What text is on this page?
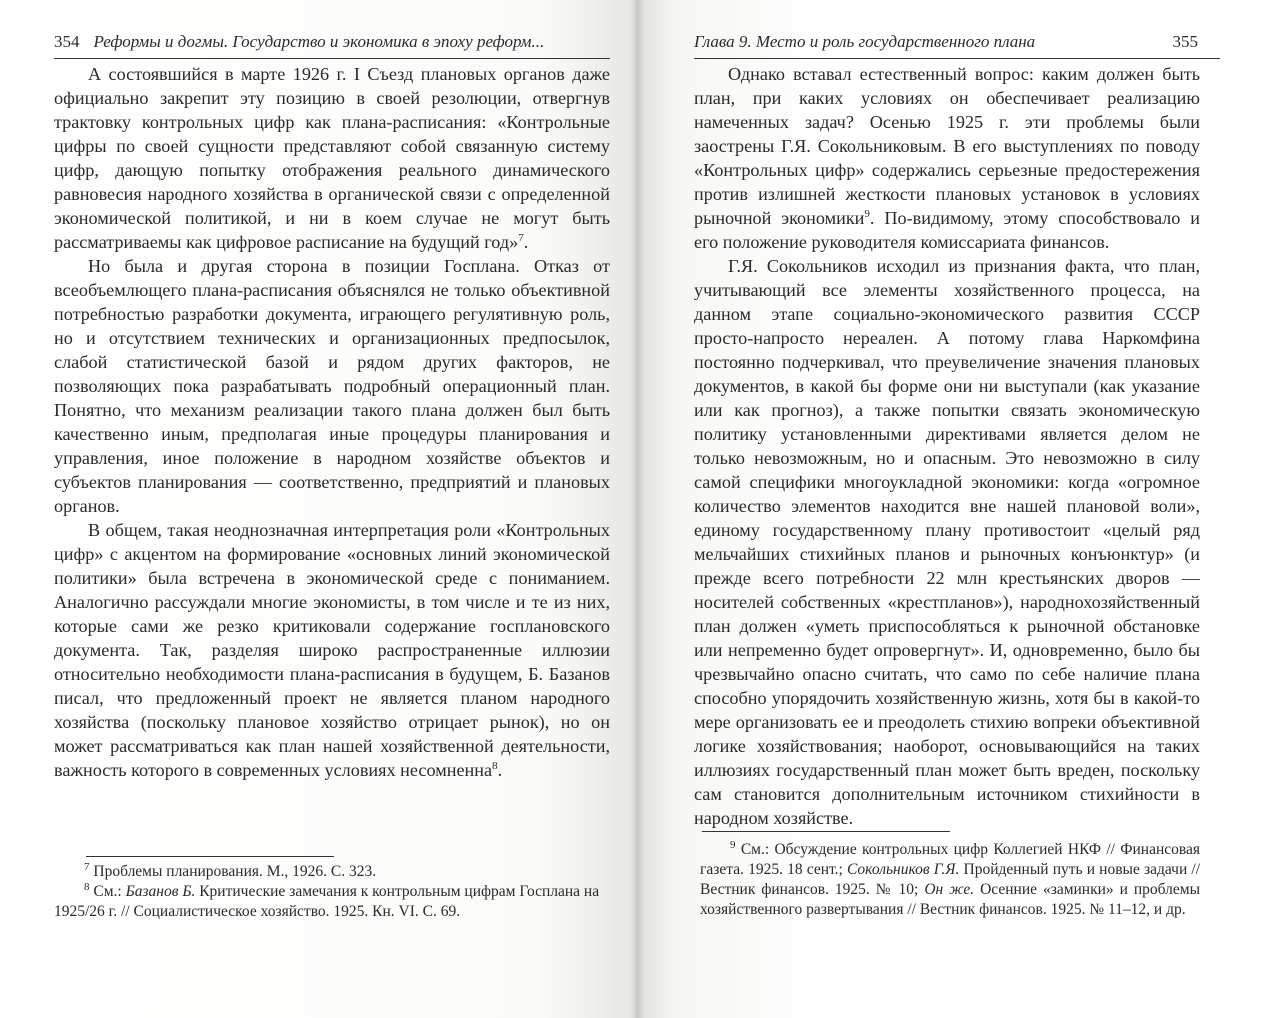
354 Реформы и догмы. Государство и экономика в эпоху реформ...

А состоявшийся в марте 1926 г. I Съезд плановых органов даже официально закрепит эту позицию в своей резолюции, отвергнув трактовку контрольных цифр как плана-расписания: «Контрольные цифры по своей сущности представляют собой связанную систему цифр, дающую попытку отображения реального динамического равновесия народного хозяйства в органической связи с определенной экономической политикой, и ни в коем случае не могут быть рассматриваемы как цифровое расписание на будущий год»$^7$.

Но была и другая сторона в позиции Госплана. Отказ от всеобъемлющего плана-расписания объяснялся не только объективной потребностью разработки документа, играющего регулятивную роль, но и отсутствием технических и организационных предпосылок, слабой статистической базой и рядом других факторов, не позволяющих пока разрабатывать подробный операционный план. Понятно, что механизм реализации такого плана должен был быть качественно иным, предполагая иные процедуры планирования и управления, иное положение в народном хозяйстве объектов и субъектов планирования — соответственно, предприятий и плановых органов.

В общем, такая неоднозначная интерпретация роли «Контрольных цифр» с акцентом на формирование «основных линий экономической политики» была встречена в экономической среде с пониманием. Аналогично рассуждали многие экономисты, в том числе и те из них, которые сами же резко критиковали содержание госплановского документа. Так, разделяя широко распространенные иллюзии относительно необходимости плана-расписания в будущем, Б. Базанов писал, что предложенный проект не является планом народного хозяйства (поскольку плановое хозяйство отрицает рынок), но он может рассматриваться как план нашей хозяйственной деятельности, важность которого в современных условиях несомненна$^8$.

$^7$ Проблемы планирования. М., 1926. С. 323.

$^8$ См.: Базанов Б. Критические замечания к контрольным цифрам Госплана на 1925/26 г. // Социалистическое хозяйство. 1925. Кн. VI. С. 69.

Глава 9. Место и роль государственного плана	355

Однако вставал естественный вопрос: каким должен быть план, при каких условиях он обеспечивает реализацию намеченных задач? Осенью 1925 г. эти проблемы были заострены Г.Я. Сокольниковым. В его выступлениях по поводу «Контрольных цифр» содержались серьезные предостережения против излишней жесткости плановых установок в условиях рыночной экономики$^9$. По-видимому, этому способствовало и его положение руководителя комиссариата финансов.

Г.Я. Сокольников исходил из признания факта, что план, учитывающий все элементы хозяйственного процесса, на данном этапе социально-экономического развития СССР просто-напросто нереален. А потому глава Наркомфина постоянно подчеркивал, что преувеличение значения плановых документов, в какой бы форме они ни выступали (как указание или как прогноз), а также попытки связать экономическую политику установленными директивами является делом не только невозможным, но и опасным. Это невозможно в силу самой специфики многоукладной экономики: когда «огромное количество элементов находится вне нашей плановой воли», единому государственному плану противостоит «целый ряд мельчайших стихийных планов и рыночных конъюнктур» (и прежде всего потребности 22 млн крестьянских дворов — носителей собственных «крестпланов»), народнохозяйственный план должен «уметь приспособляться к рыночной обстановке или непременно будет опровергнут». И, одновременно, было бы чрезвычайно опасно считать, что само по себе наличие плана способно упорядочить хозяйственную жизнь, хотя бы в какой-то мере организовать ее и преодолеть стихию вопреки объективной логике хозяйствования; наоборот, основывающийся на таких иллюзиях государственный план может быть вреден, поскольку сам становится дополнительным источником стихийности в народном хозяйстве.

$^9$ См.: Обсуждение контрольных цифр Коллегией НКФ // Финансовая газета. 1925. 18 сент.; Сокольников Г.Я. Пройденный путь и новые задачи // Вестник финансов. 1925. № 10; Он же. Осенние «заминки» и проблемы хозяйственного развертывания // Вестник финансов. 1925. № 11–12, и др.
